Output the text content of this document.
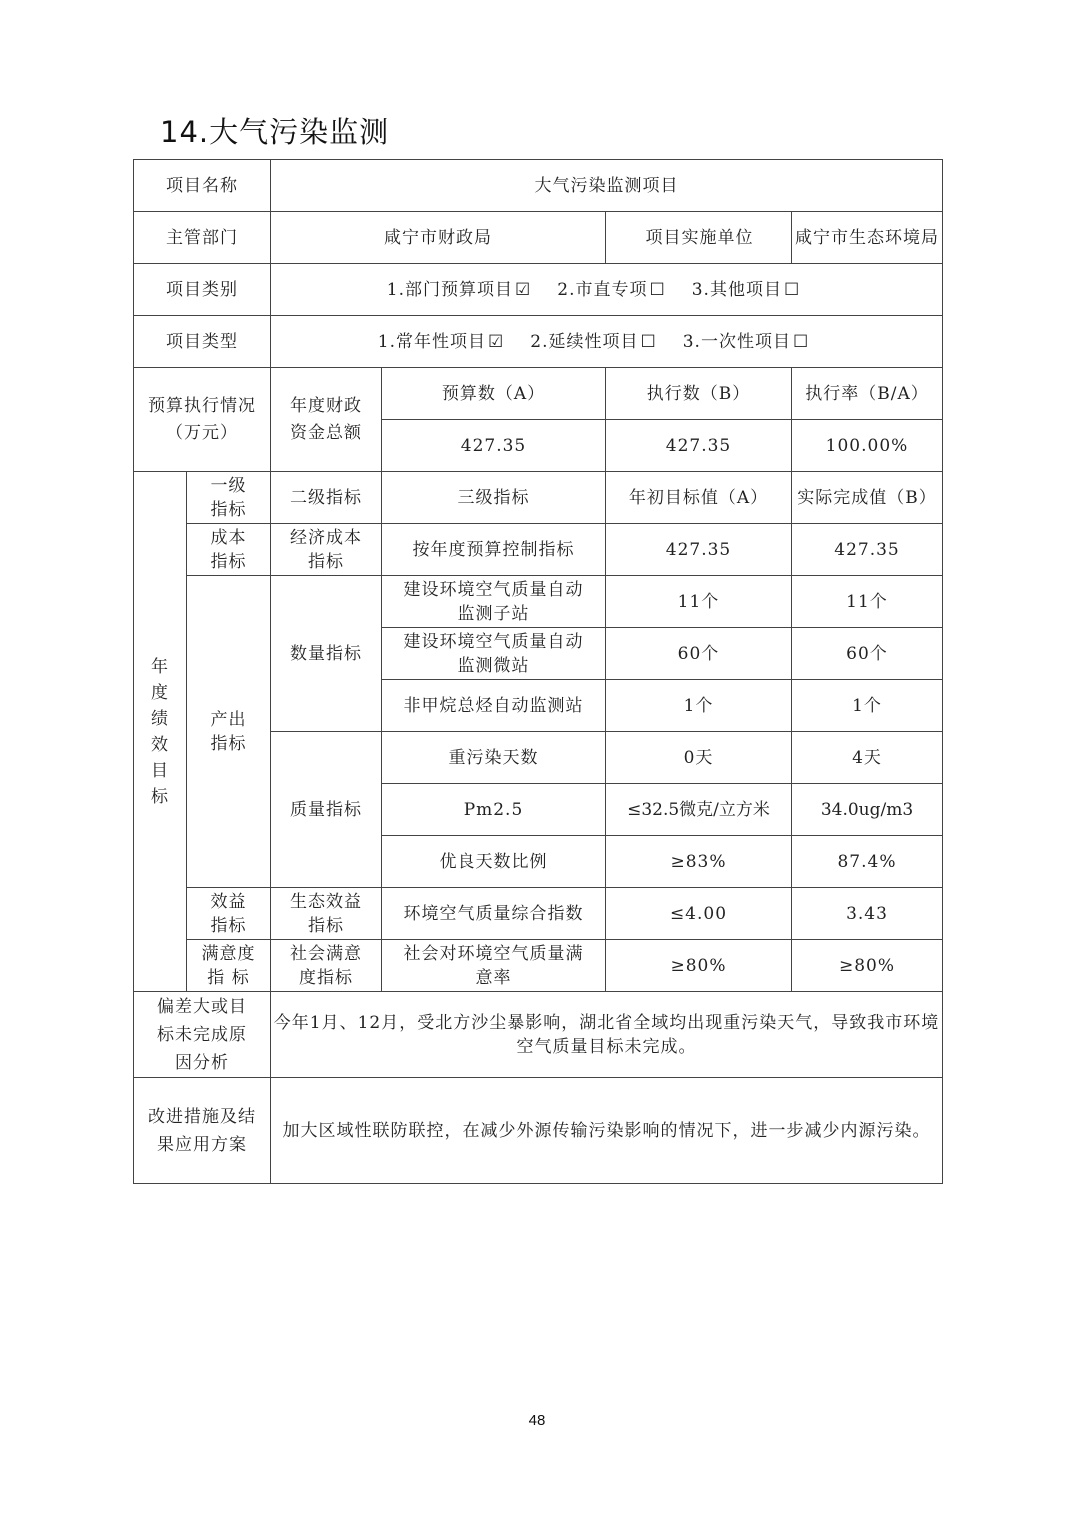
14.大气污染监测
项目名称		大气污染监测项目			
主管部门		咸宁市财政局		项目实施单位	咸宁市生态环境局
项目类别		1.部门预算项目 ☑ 2.市直专项 ☐ 3.其他项目 ☐			
项目类型		1.常年性项目 ☑ 2.延续性项目 ☐ 3.一次性项目 ☐			

预算执行情况（万元）		年度财政资金总额	预算数（A）	执行数（B）	执行率（B/A）
			427.35	427.35	100.00%
年度绩效目标	一级指标	二级指标	三级指标	年初目标值（A）	实际完成值（B）

	成本指标	经济成本指标	按年度预算控制指标	427.35	427.35

	产出指标	数量指标	建设环境空气质量自动监测子站	11个	11个

			建设环境空气质量自动监测微站	60个	60个
			非甲烷总烃自动监测站	1个	1个
		质量指标	重污染天数	0天	4天
			Pm2.5	≤32.5微克/立方米	34.0ug/m3
			优良天数比例	≥83%	87.4%

	效益指标	生态效益指标	环境空气质量综合指数	≤4.00	3.43

	满意度指 标	社会满意度指标	社会对环境空气质量满意率	≥80%	≥80%

偏差大或目标未完成原因分析		今年1月、12月，受北方沙尘暴影响，湖北省全域均出现重污染天气，导致我市环境空气质量目标未完成。			

改进措施及结果应用方案		加大区域性联防联控，在减少外源传输污染影响的情况下，进一步减少内源污染。			
48
